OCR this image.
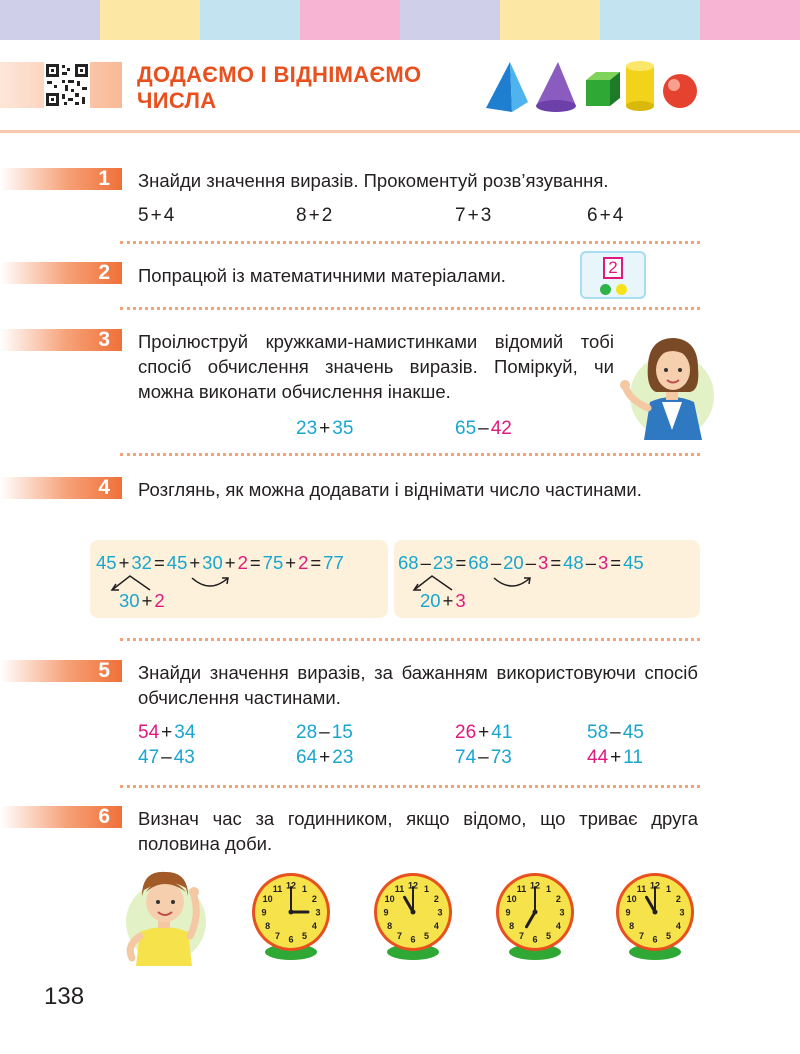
ДОДАЄМО І ВІДНІМАЄМО
ЧИСЛА
1 Знайди значення виразів. Прокоментуй розв’язування.
5 + 4	8 + 2	7 + 3	6 + 4
2 Попрацюй із математичними матеріалами.	2
3 Проілюструй кружками-намистинками відомий тобі спосіб обчислення значень виразів. Поміркуй, чи можна виконати обчислення інакше.
23 + 35	65 – 42
4 Розглянь, як можна додавати і віднімати число частинами.
45 + 32 = 45 + 30 + 2 = 75 + 2 = 77
30 + 2
68 – 23 = 68 – 20 – 3 = 48 – 3 = 45
20 + 3
5 Знайди значення виразів, за бажанням використовуючи спосіб обчислення частинами.
54 + 34	28 – 15	26 + 41	58 – 45
47 – 43	64 + 23	74 – 73	44 + 11
6 Визнач час за годинником, якщо відомо, що триває друга половина доби.
12 1
2
3
4
5
6
7
8
9
10
11	12 1
2
3
4
5
6
7
8
9
10
11	12 1
2
3
4
5
6
7
8
9
10
11	12 1
2
3
4
5
6
7
8
9
10
11
138
